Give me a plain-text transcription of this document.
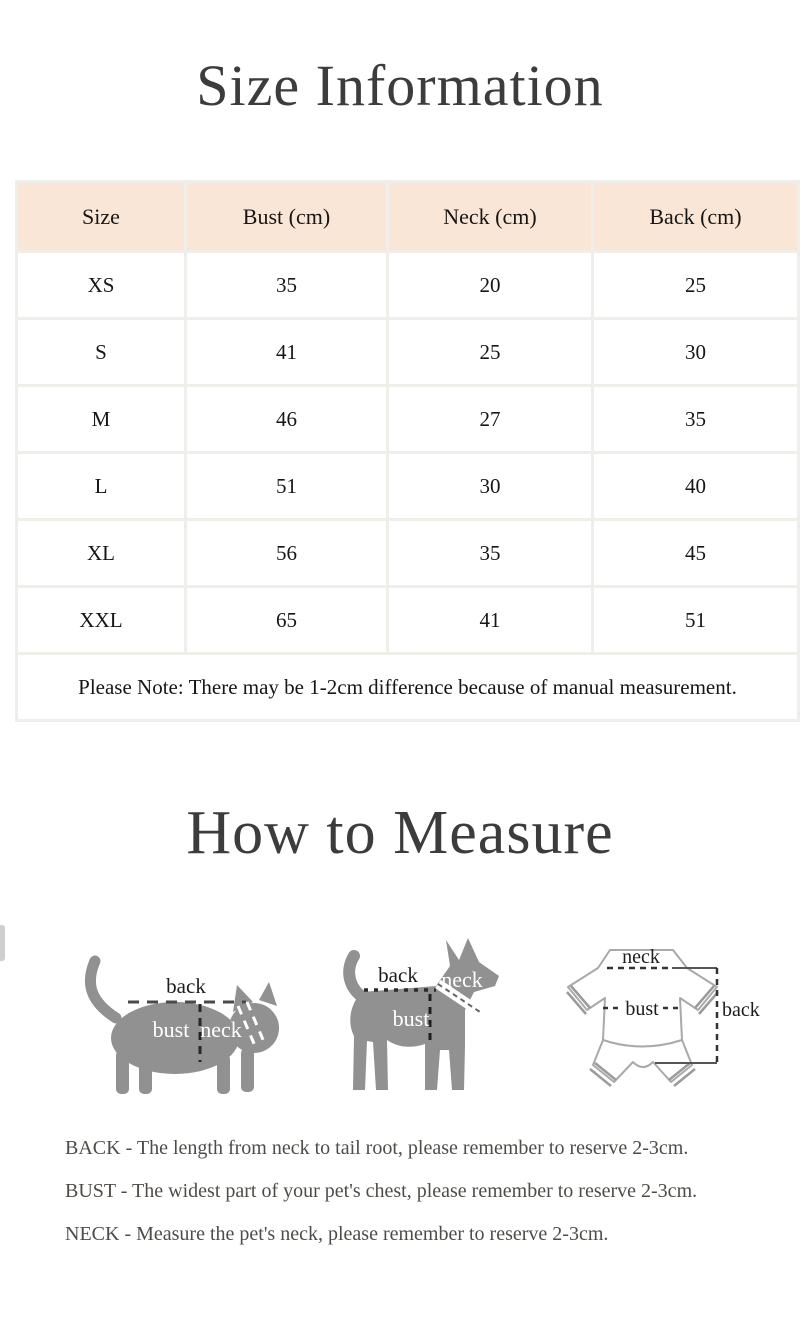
Size Information
Size	Bust (cm)	Neck (cm)	Back (cm)
XS	35	20	25
S	41	25	30
M	46	27	35
L	51	30	40
XL	56	35	45
XXL	65	41	51
Please Note: There may be 1-2cm difference because of manual measurement.			
How to Measure
back
bust neck
back neck
bust
neck
bust	back
BACK - The length from neck to tail root, please remember to reserve 2-3cm.
BUST - The widest part of your pet's chest, please remember to reserve 2-3cm.
NECK - Measure the pet's neck, please remember to reserve 2-3cm.
